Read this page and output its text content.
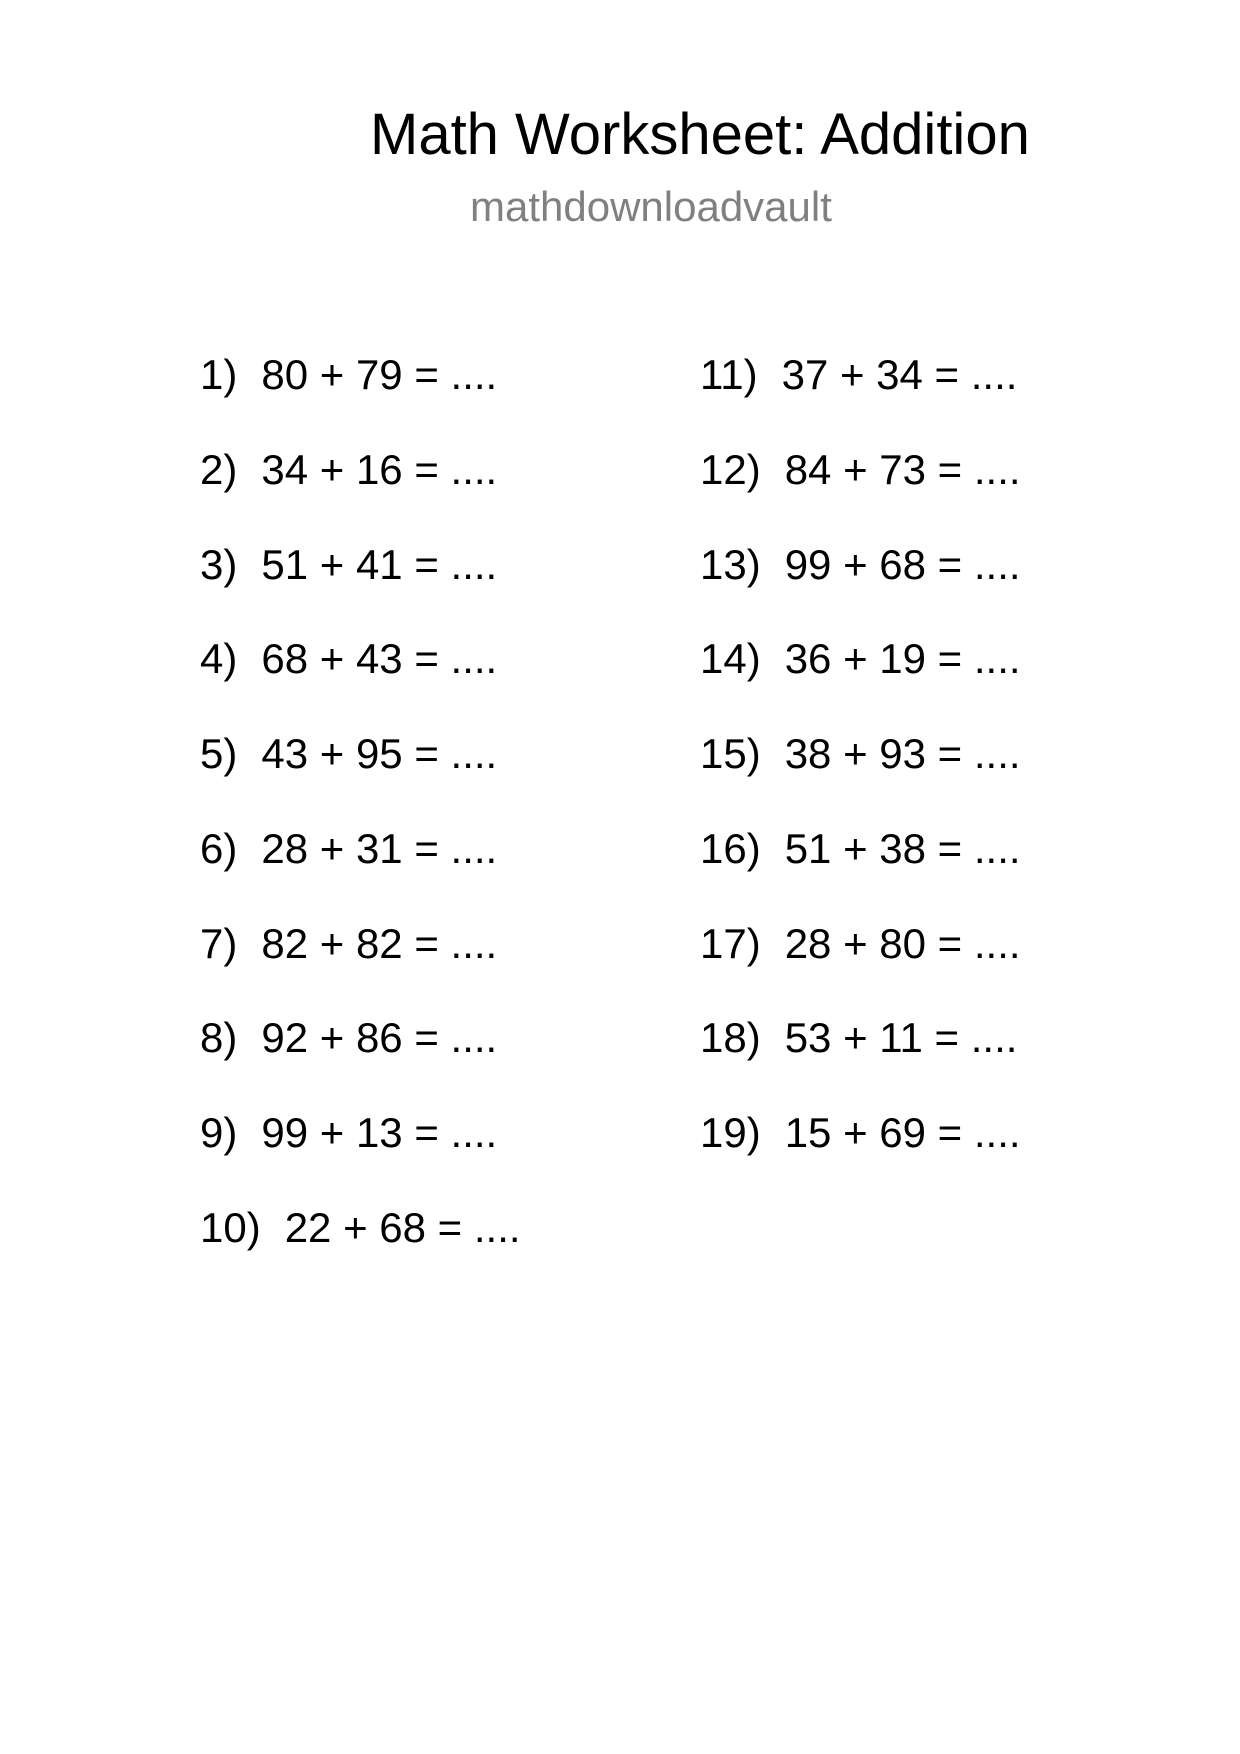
Math Worksheet: Addition
mathdownloadvault
1) 80 + 79 = ....
2) 34 + 16 = ....
3) 51 + 41 = ....
4) 68 + 43 = ....
5) 43 + 95 = ....
6) 28 + 31 = ....
7) 82 + 82 = ....
8) 92 + 86 = ....
9) 99 + 13 = ....
10) 22 + 68 = ....
11) 37 + 34 = ....
12) 84 + 73 = ....
13) 99 + 68 = ....
14) 36 + 19 = ....
15) 38 + 93 = ....
16) 51 + 38 = ....
17) 28 + 80 = ....
18) 53 + 11 = ....
19) 15 + 69 = ....
